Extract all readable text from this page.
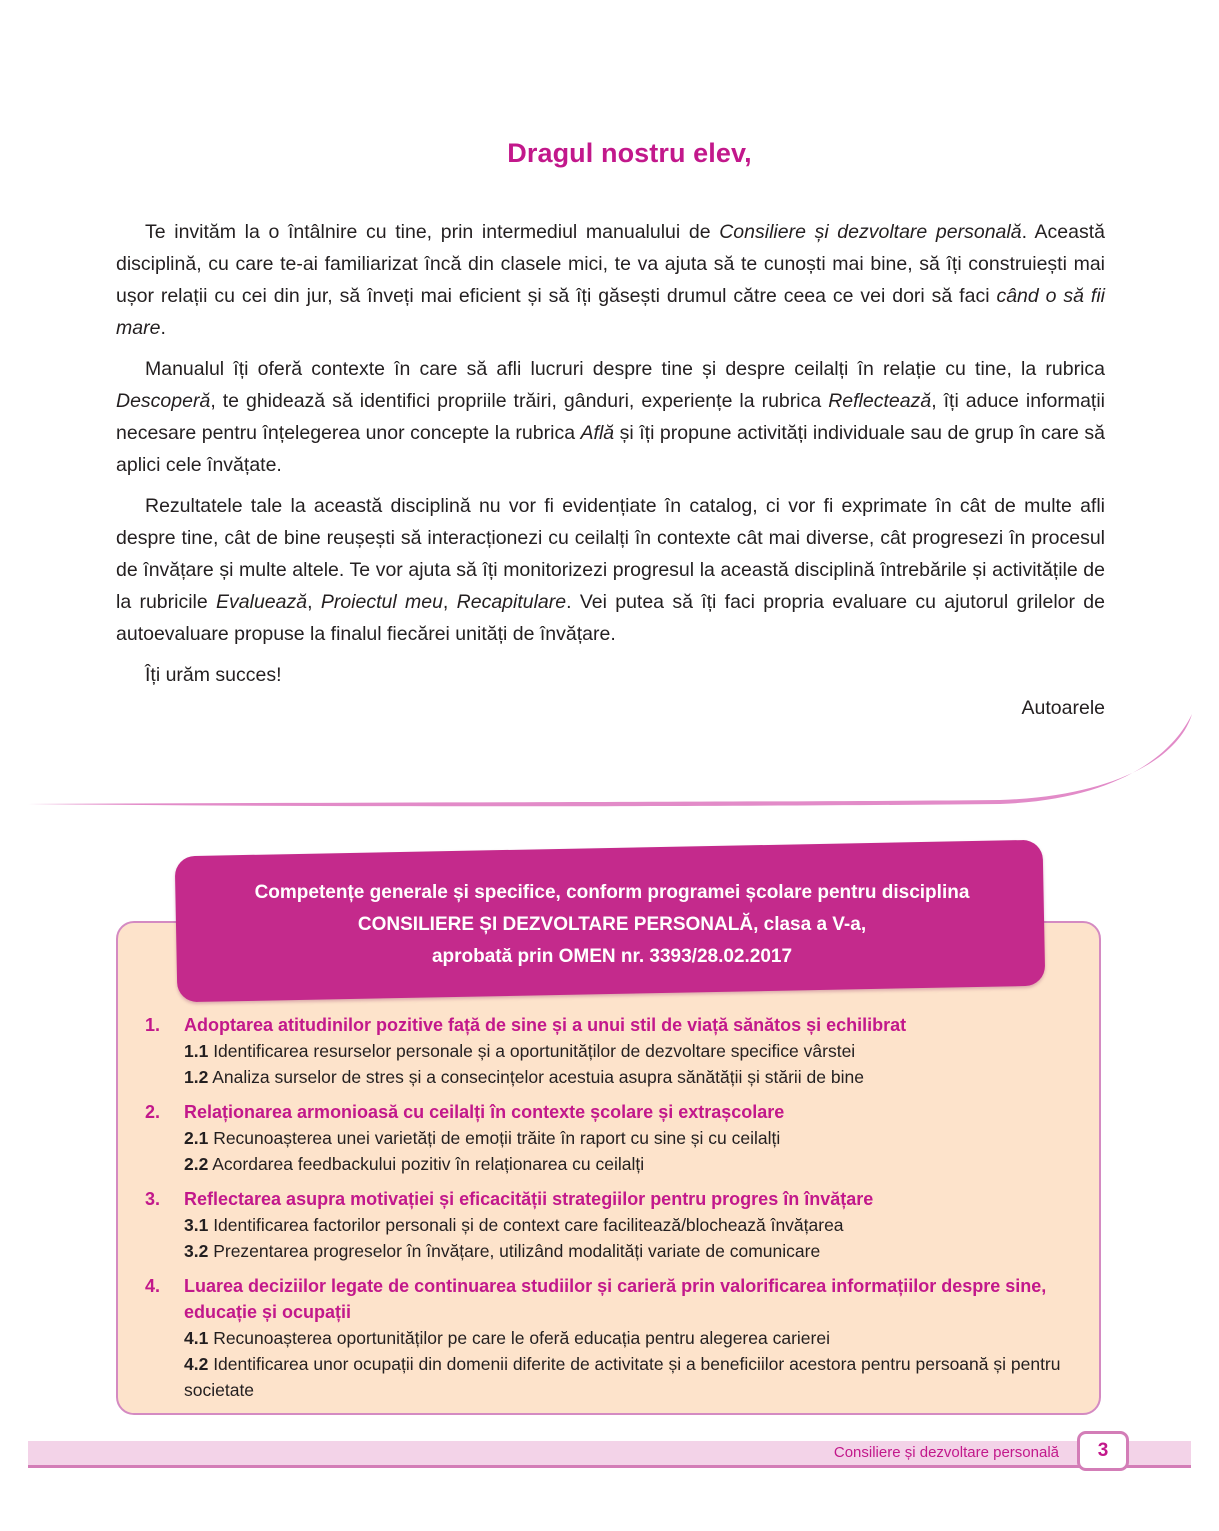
Dragul nostru elev,

Te invităm la o întâlnire cu tine, prin intermediul manualului de Consiliere și dezvoltare personală. Această disciplină, cu care te-ai familiarizat încă din clasele mici, te va ajuta să te cunoști mai bine, să îți construiești mai ușor relații cu cei din jur, să înveți mai eficient și să îți găsești drumul către ceea ce vei dori să faci când o să fii mare.

Manualul îți oferă contexte în care să afli lucruri despre tine și despre ceilalți în relație cu tine, la rubrica Descoperă, te ghidează să identifici propriile trăiri, gânduri, experiențe la rubrica Reflectează, îți aduce informații necesare pentru înțelegerea unor concepte la rubrica Află și îți propune activități individuale sau de grup în care să aplici cele învățate.

Rezultatele tale la această disciplină nu vor fi evidențiate în catalog, ci vor fi exprimate în cât de multe afli despre tine, cât de bine reușești să interacționezi cu ceilalți în contexte cât mai diverse, cât progresezi în procesul de învățare și multe altele. Te vor ajuta să îți monitorizezi progresul la această disciplină întrebările și activitățile de la rubricile Evaluează, Proiectul meu, Recapitulare. Vei putea să îți faci propria evaluare cu ajutorul grilelor de autoevaluare propuse la finalul fiecărei unități de învățare.

Îți urăm succes!

Autoarele

Competențe generale și specifice, conform programei școlare pentru disciplina
CONSILIERE ȘI DEZVOLTARE PERSONALĂ, clasa a V-a,
aprobată prin OMEN nr. 3393/28.02.2017
1.	Adoptarea atitudinilor pozitive față de sine și a unui stil de viață sănătos și echilibrat
1.1 Identificarea resurselor personale și a oportunităților de dezvoltare specifice vârstei
1.2 Analiza surselor de stres și a consecințelor acestuia asupra sănătății și stării de bine
2.	Relaționarea armonioasă cu ceilalți în contexte școlare și extrașcolare
2.1 Recunoașterea unei varietăți de emoții trăite în raport cu sine și cu ceilalți
2.2 Acordarea feedbackului pozitiv în relaționarea cu ceilalți
3.	Reflectarea asupra motivației și eficacității strategiilor pentru progres în învățare
3.1 Identificarea factorilor personali și de context care facilitează/blochează învățarea
3.2 Prezentarea progreselor în învățare, utilizând modalități variate de comunicare
4.	Luarea deciziilor legate de continuarea studiilor și carieră prin valorificarea informațiilor despre sine, educație și ocupații
4.1 Recunoașterea oportunităților pe care le oferă educația pentru alegerea carierei
4.2 Identificarea unor ocupații din domenii diferite de activitate și a beneficiilor acestora pentru persoană și pentru societate
Consiliere și dezvoltare personală	3
